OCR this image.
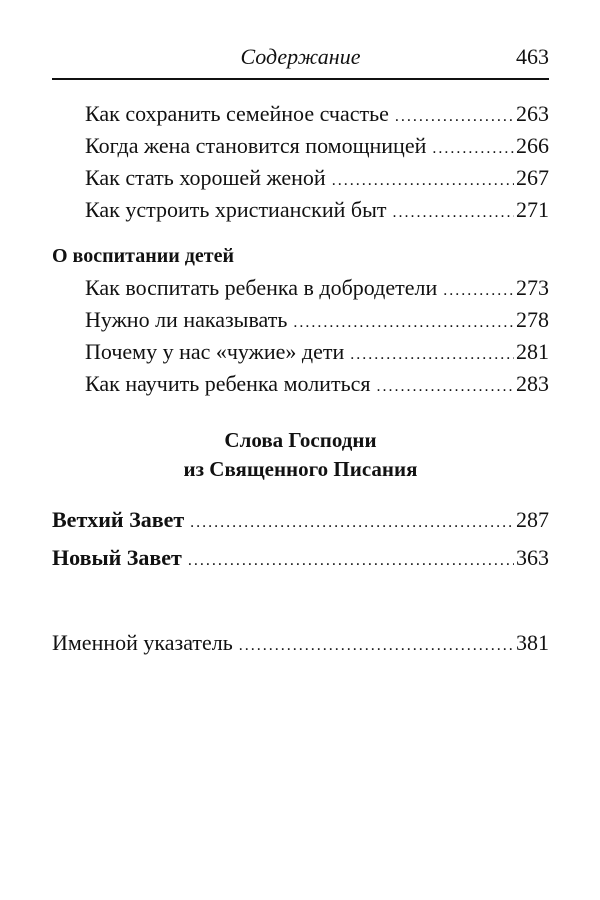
Содержание	463
Как сохранить семейное счастье .....	263
Когда жена становится помощницей .....	266
Как стать хорошей женой .....	267
Как устроить христианский быт .....	271
О воспитании детей
Как воспитать ребенка в добродетели .....	273
Нужно ли наказывать .....	278
Почему у нас «чужие» дети .....	281
Как научить ребенка молиться .....	283
Слова Господни
из Священного Писания
Ветхий Завет .....	287
Новый Завет .....	363
Именной указатель .....	381
